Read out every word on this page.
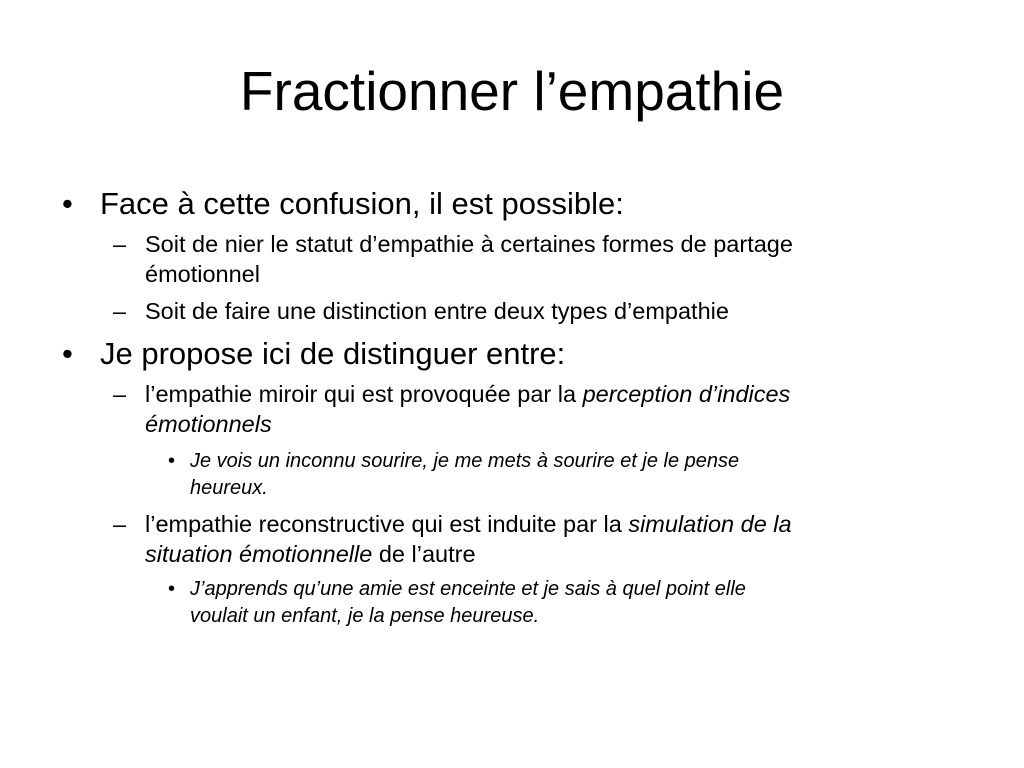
Fractionner l’empathie
• Face à cette confusion, il est possible:
– Soit de nier le statut d’empathie à certaines formes de partage
émotionnel
– Soit de faire une distinction entre deux types d’empathie
• Je propose ici de distinguer entre:
– l’empathie miroir qui est provoquée par la perception d’indices
émotionnels
• Je vois un inconnu sourire, je me mets à sourire et je le pense
heureux.
– l’empathie reconstructive qui est induite par la simulation de la
situation émotionnelle de l’autre
• J’apprends qu’une amie est enceinte et je sais à quel point elle
voulait un enfant, je la pense heureuse.
